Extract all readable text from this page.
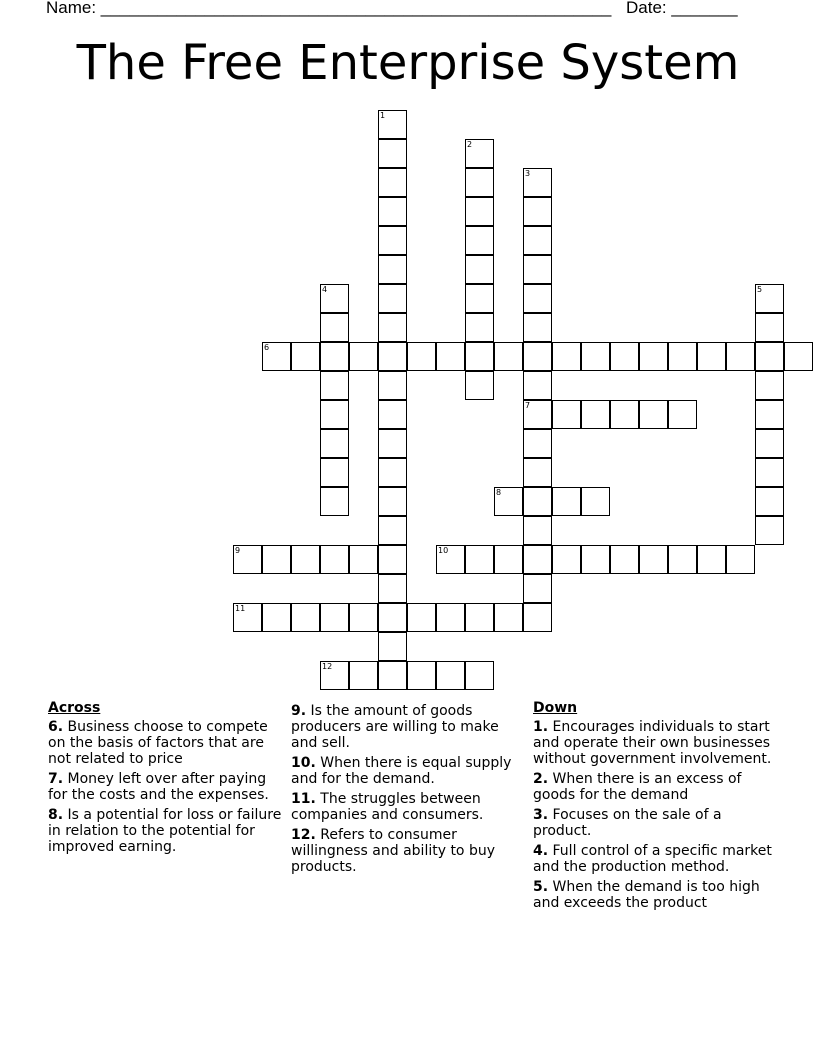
Name: ______________________________________________________ Date: _______
The Free Enterprise System
1
2
3
7
4	5
6
8
9	10
11
12
Across
6. Business choose to compete on the basis of factors that are not related to price
7. Money left over after paying for the costs and the expenses.
8. Is a potential for loss or failure in relation to the potential for improved earning.
9. Is the amount of goods producers are willing to make and sell.
10. When there is equal supply and for the demand.
11. The struggles between companies and consumers.
12. Refers to consumer willingness and ability to buy products.
Down
1. Encourages individuals to start and operate their own businesses without government involvement.
2. When there is an excess of goods for the demand
3. Focuses on the sale of a product.
4. Full control of a specific market and the production method.
5. When the demand is too high and exceeds the product
